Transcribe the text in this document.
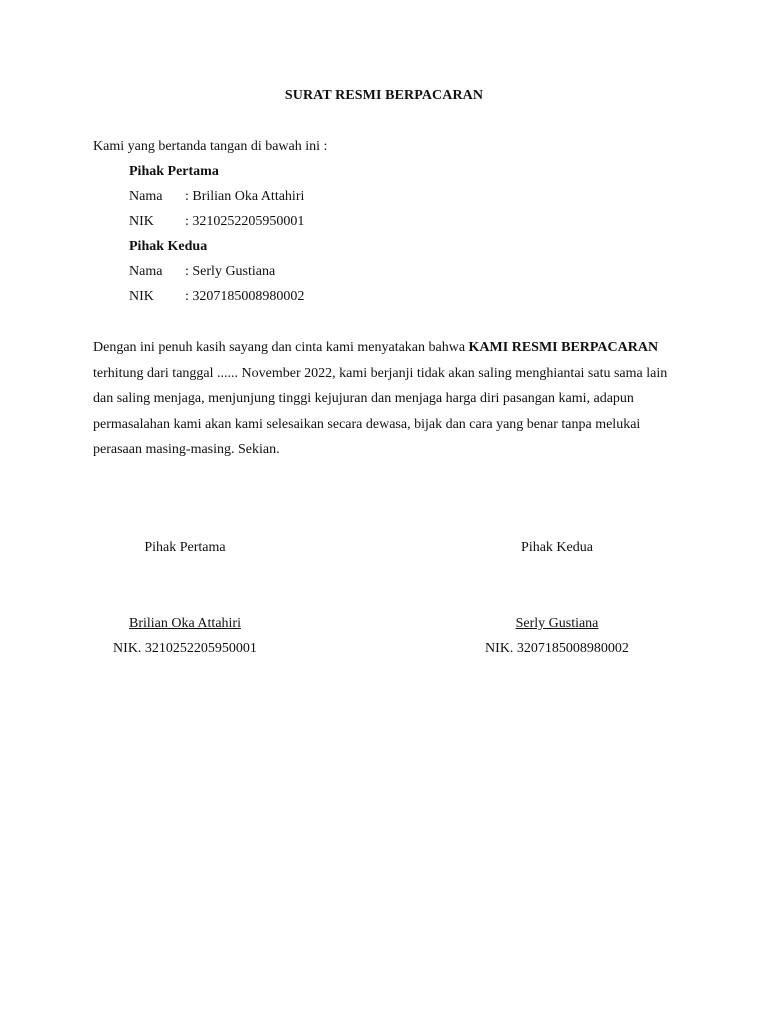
SURAT RESMI BERPACARAN
Kami yang bertanda tangan di bawah ini :
Pihak Pertama
Nama : Brilian Oka Attahiri
NIK : 3210252205950001
Pihak Kedua
Nama : Serly Gustiana
NIK : 3207185008980002
Dengan ini penuh kasih sayang dan cinta kami menyatakan bahwa KAMI RESMI BERPACARAN terhitung dari tanggal ...... November 2022, kami berjanji tidak akan saling menghiantai satu sama lain dan saling menjaga, menjunjung tinggi kejujuran dan menjaga harga diri pasangan kami, adapun permasalahan kami akan kami selesaikan secara dewasa, bijak dan cara yang benar tanpa melukai perasaan masing-masing. Sekian.
Pihak Pertama	Pihak Kedua
Brilian Oka Attahiri	Serly Gustiana
NIK. 3210252205950001	NIK. 3207185008980002
